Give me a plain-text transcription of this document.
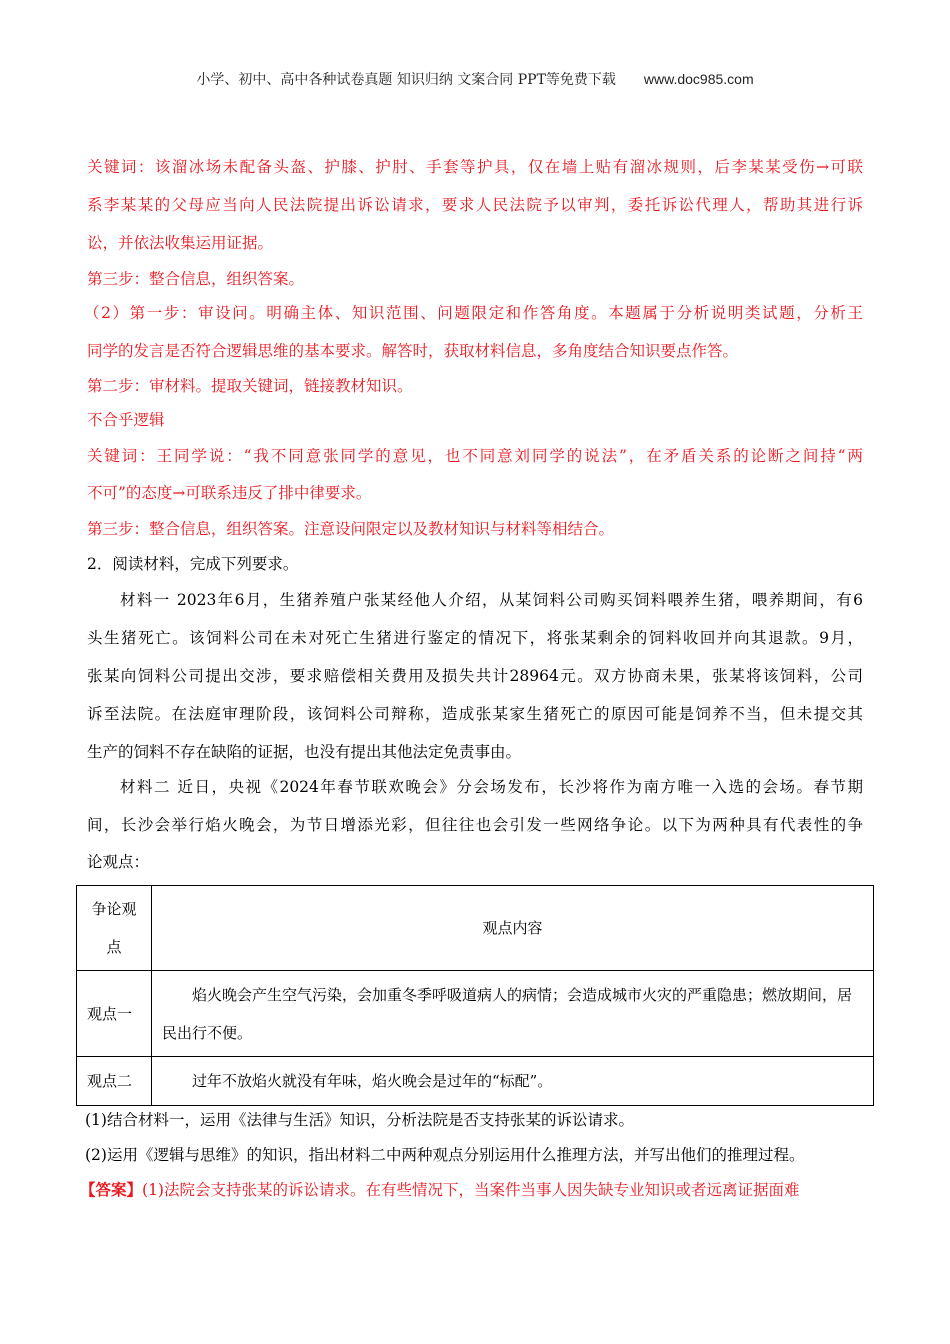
小学、初中、高中各种试卷真题 知识归纳 文案合同 PPT等免费下载 www.doc985.com
关键词：该溜冰场未配备头盔、护膝、护肘、手套等护具，仅在墙上贴有溜冰规则，后李某某受伤→可联
系李某某的父母应当向人民法院提出诉讼请求，要求人民法院予以审判，委托诉讼代理人，帮助其进行诉
讼，并依法收集运用证据。
第三步：整合信息，组织答案。
（2）第一步：审设问。明确主体、知识范围、问题限定和作答角度。本题属于分析说明类试题，分析王
同学的发言是否符合逻辑思维的基本要求。解答时，获取材料信息，多角度结合知识要点作答。
第二步：审材料。提取关键词，链接教材知识。
不合乎逻辑
关键词：王同学说：“我不同意张同学的意见，也不同意刘同学的说法”，在矛盾关系的论断之间持“两
不可”的态度→可联系违反了排中律要求。
第三步：整合信息，组织答案。注意设问限定以及教材知识与材料等相结合。
2．阅读材料，完成下列要求。
材料一 2023年6月，生猪养殖户张某经他人介绍，从某饲料公司购买饲料喂养生猪，喂养期间，有6
头生猪死亡。该饲料公司在未对死亡生猪进行鉴定的情况下，将张某剩余的饲料收回并向其退款。9月，
张某向饲料公司提出交涉，要求赔偿相关费用及损失共计28964元。双方协商未果，张某将该饲料，公司
诉至法院。在法庭审理阶段，该饲料公司辩称，造成张某家生猪死亡的原因可能是饲养不当，但未提交其
生产的饲料不存在缺陷的证据，也没有提出其他法定免责事由。
材料二 近日，央视《2024年春节联欢晚会》分会场发布，长沙将作为南方唯一入选的会场。春节期
间，长沙会举行焰火晚会，为节日增添光彩，但往往也会引发一些网络争论。以下为两种具有代表性的争
论观点：
争论观点	观点内容
观点一	焰火晚会产生空气污染，会加重冬季呼吸道病人的病情；会造成城市火灾的严重隐患；燃放期间，居民出行不便。
观点二	过年不放焰火就没有年味，焰火晚会是过年的“标配”。
(1)结合材料一，运用《法律与生活》知识，分析法院是否支持张某的诉讼请求。
(2)运用《逻辑与思维》的知识，指出材料二中两种观点分别运用什么推理方法，并写出他们的推理过程。
【答案】(1)法院会支持张某的诉讼请求。在有些情况下，当案件当事人因失缺专业知识或者远离证据面难
